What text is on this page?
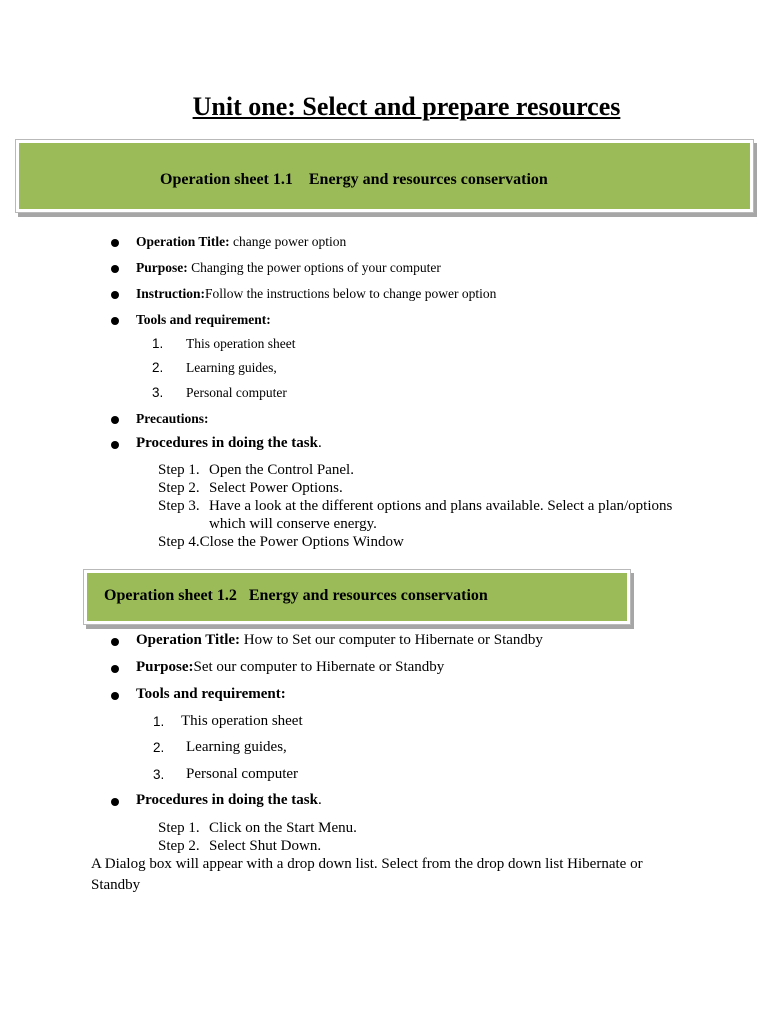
Unit one: Select and prepare resources
Operation sheet 1.1    Energy and resources conservation
Operation Title: change power option
Purpose: Changing the power options of your computer
Instruction:Follow the instructions below to change power option
Tools and requirement:
1. This operation sheet
2. Learning guides,
3. Personal computer
Precautions:
Procedures in doing the task.
Step 1. Open the Control Panel.
Step 2. Select Power Options.
Step 3. Have a look at the different options and plans available. Select a plan/options
which will conserve energy.
Step 4.Close the Power Options Window
Operation sheet 1.2   Energy and resources conservation
Operation Title: How to Set our computer to Hibernate or Standby
Purpose:Set our computer to Hibernate or Standby
Tools and requirement:
1. This operation sheet
2. Learning guides,
3. Personal computer
Procedures in doing the task.
Step 1. Click on the Start Menu.
Step 2. Select Shut Down.
A Dialog box will appear with a drop down list. Select from the drop down list Hibernate or
Standby
